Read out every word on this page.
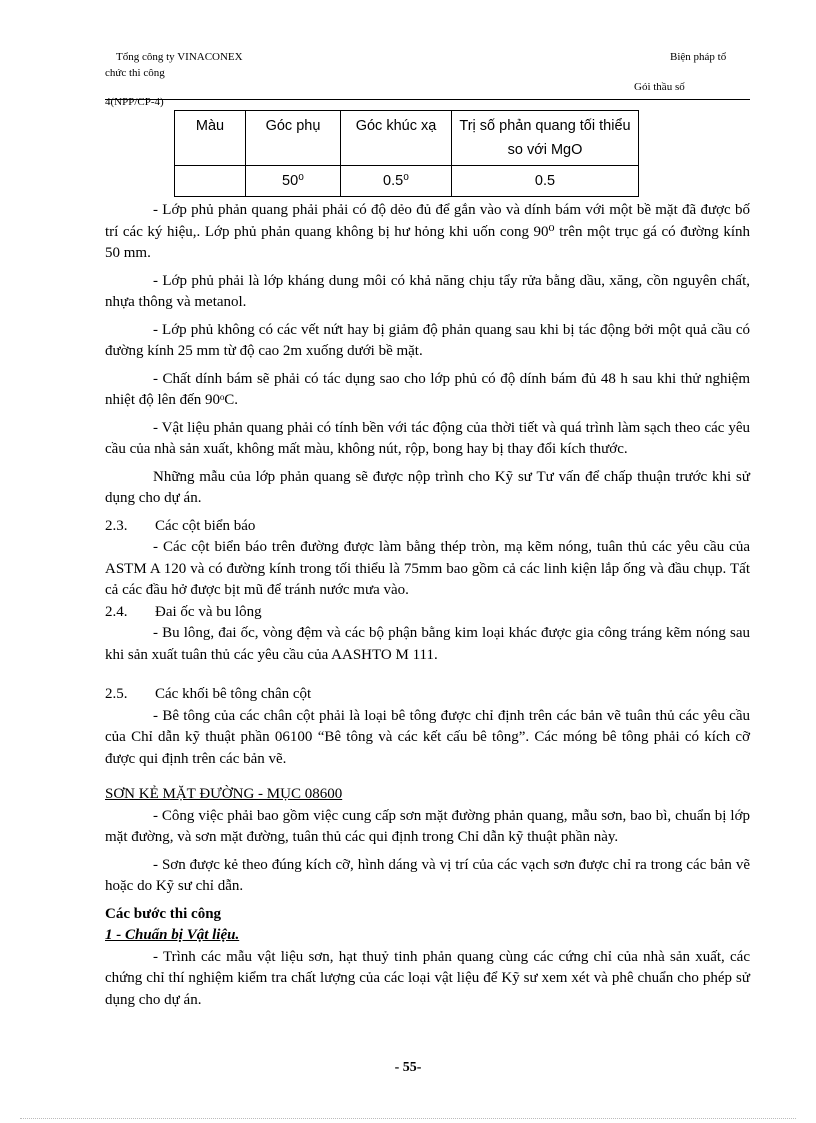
Tổng công ty VINACONEX
chức thi công
Biện pháp tổ
Gói thầu số
4(NPP/CP-4)
Màu	Góc phụ	Góc khúc xạ	Trị số phản quang tối thiểu so với MgO
	50⁰	0.5⁰	0.5

- Lớp phủ phản quang phải phải có độ dẻo đủ để gắn vào và dính bám với một bề mặt đã được bố trí các ký hiệu,. Lớp phủ phản quang không bị hư hỏng khi uốn cong 90⁰ trên một trục gá có đường kính 50 mm.

- Lớp phủ phải là lớp kháng dung môi có khả năng chịu tẩy rửa bằng dầu, xăng, cồn nguyên chất, nhựa thông và metanol.

- Lớp phủ không có các vết nứt hay bị giảm độ phản quang sau khi bị tác động bởi một quả cầu có đường kính 25 mm từ độ cao 2m xuống dưới bề mặt.

- Chất dính bám sẽ phải có tác dụng sao cho lớp phủ có độ dính bám đủ 48 h sau khi thử nghiệm nhiệt độ lên đến 90ᵒC.

- Vật liệu phản quang phải có tính bền với tác động của thời tiết và quá trình làm sạch theo các yêu cầu của nhà sản xuất, không mất màu, không nút, rộp, bong hay bị thay đổi kích thước.

Những mẫu của lớp phản quang sẽ được nộp trình cho Kỹ sư Tư vấn để chấp thuận trước khi sử dụng cho dự án.

2.3.	Các cột biển báo

- Các cột biển báo trên đường được làm bằng thép tròn, mạ kẽm nóng, tuân thủ các yêu cầu của ASTM A 120 và có đường kính trong tối thiểu là 75mm bao gồm cả các linh kiện lắp ống và đầu chụp. Tất cả các đầu hở được bịt mũ để tránh nước mưa vào.

2.4.	Đai ốc và bu lông

- Bu lông, đai ốc, vòng đệm và các bộ phận bằng kim loại khác được gia công tráng kẽm nóng sau khi sản xuất tuân thủ các yêu cầu của AASHTO M 111.

2.5.	Các khối bê tông chân cột

- Bê tông của các chân cột phải là loại bê tông được chỉ định trên các bản vẽ tuân thủ các yêu cầu của Chỉ dẫn kỹ thuật phần 06100 “Bê tông và các kết cấu bê tông”. Các móng bê tông phải có kích cỡ được qui định trên các bản vẽ.

SƠN KẺ MẶT ĐƯỜNG - MỤC 08600

- Công việc phải bao gồm việc cung cấp sơn mặt đường phản quang, mẫu sơn, bao bì, chuẩn bị lớp mặt đường, và sơn mặt đường, tuân thủ các qui định trong Chỉ dẫn kỹ thuật phần này.

- Sơn được kẻ theo đúng kích cỡ, hình dáng và vị trí của các vạch sơn được chỉ ra trong các bản vẽ hoặc do Kỹ sư chỉ dẫn.

Các bước thi công

1 - Chuẩn bị Vật liệu.

- Trình các mẫu vật liệu sơn, hạt thuỷ tinh phản quang cùng các cứng chỉ của nhà sản xuất, các chứng chỉ thí nghiệm kiểm tra chất lượng của các loại vật liệu để Kỹ sư xem xét và phê chuẩn cho phép sử dụng cho dự án.

- 55-
